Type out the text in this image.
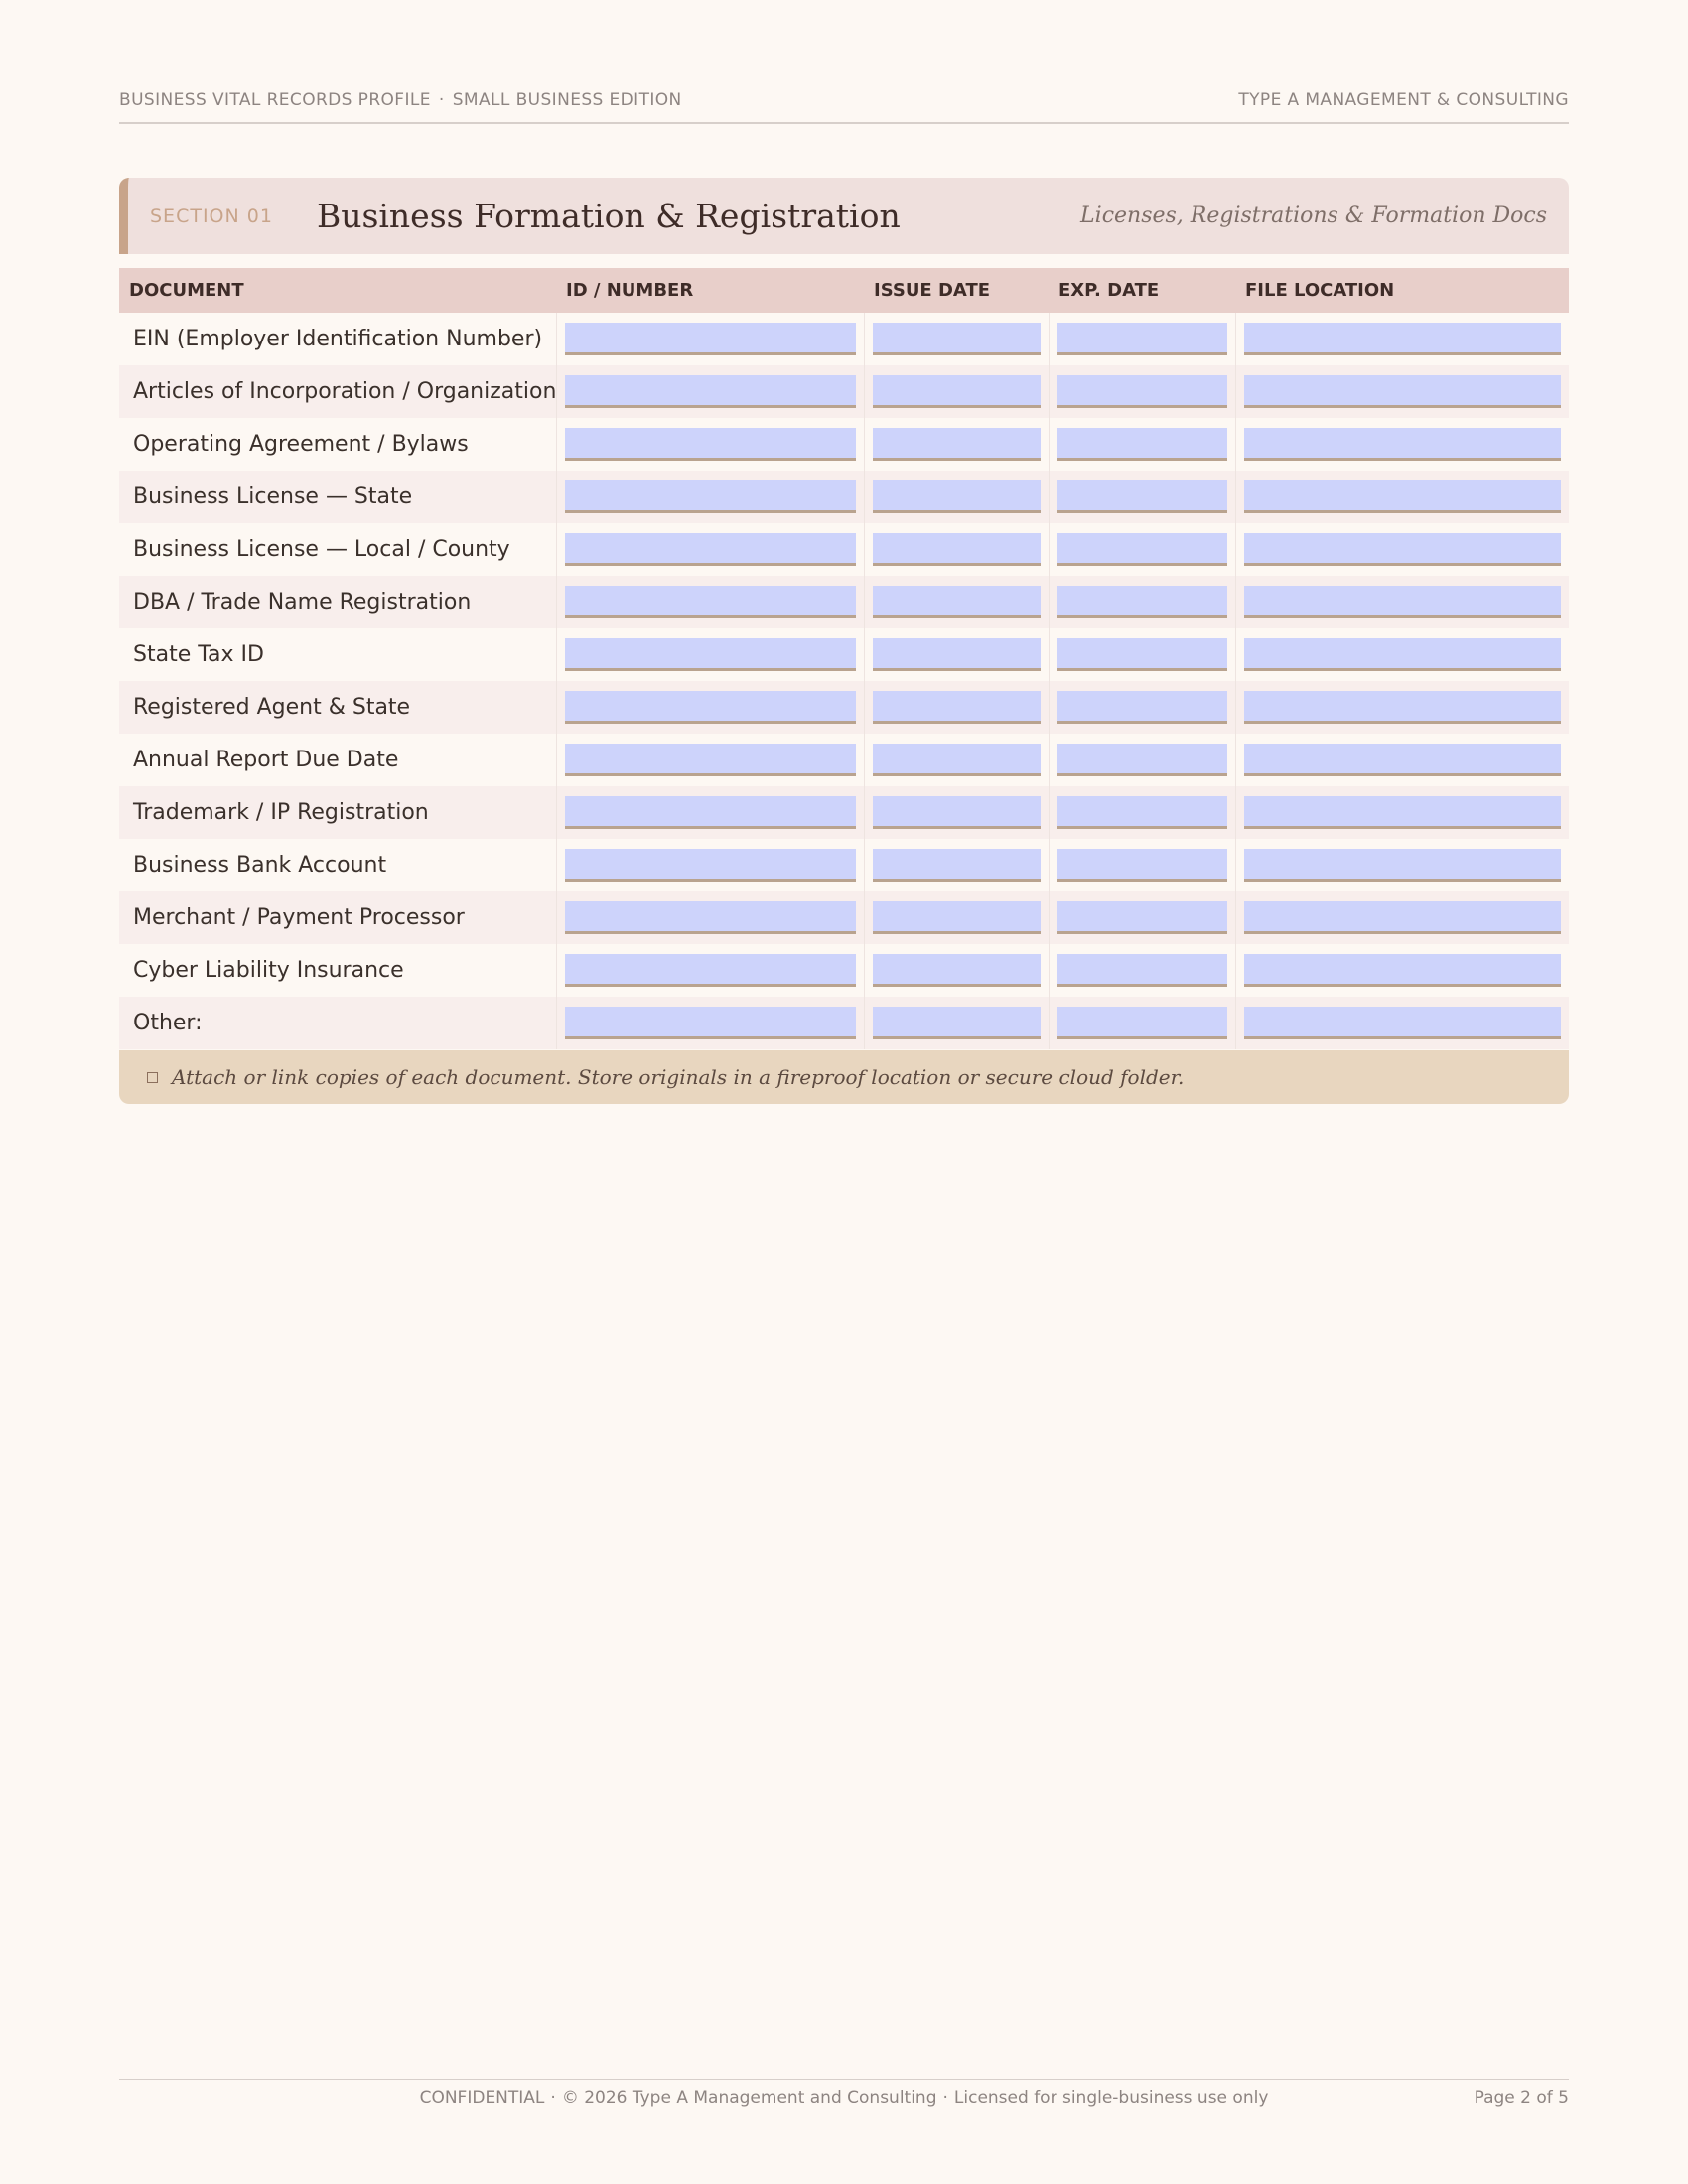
BUSINESS VITAL RECORDS PROFILE · SMALL BUSINESS EDITION	TYPE A MANAGEMENT & CONSULTING
SECTION 01 Business Formation & Registration	Licenses, Registrations & Formation Docs
DOCUMENT	ID / NUMBER	ISSUE DATE	EXP. DATE	FILE LOCATION
EIN (Employer Identification Number)	

Articles of Incorporation / Organization	

Operating Agreement / Bylaws	

Business License — State	

Business License — Local / County	

DBA / Trade Name Registration	

State Tax ID	

Registered Agent & State	

Annual Report Due Date	

Trademark / IP Registration	

Business Bank Account	

Merchant / Payment Processor	

Cyber Liability Insurance	

Other:	

Attach or link copies of each document. Store originals in a fireproof location or secure cloud folder.
CONFIDENTIAL · © 2026 Type A Management and Consulting · Licensed for single-business use only	Page 2 of 5
